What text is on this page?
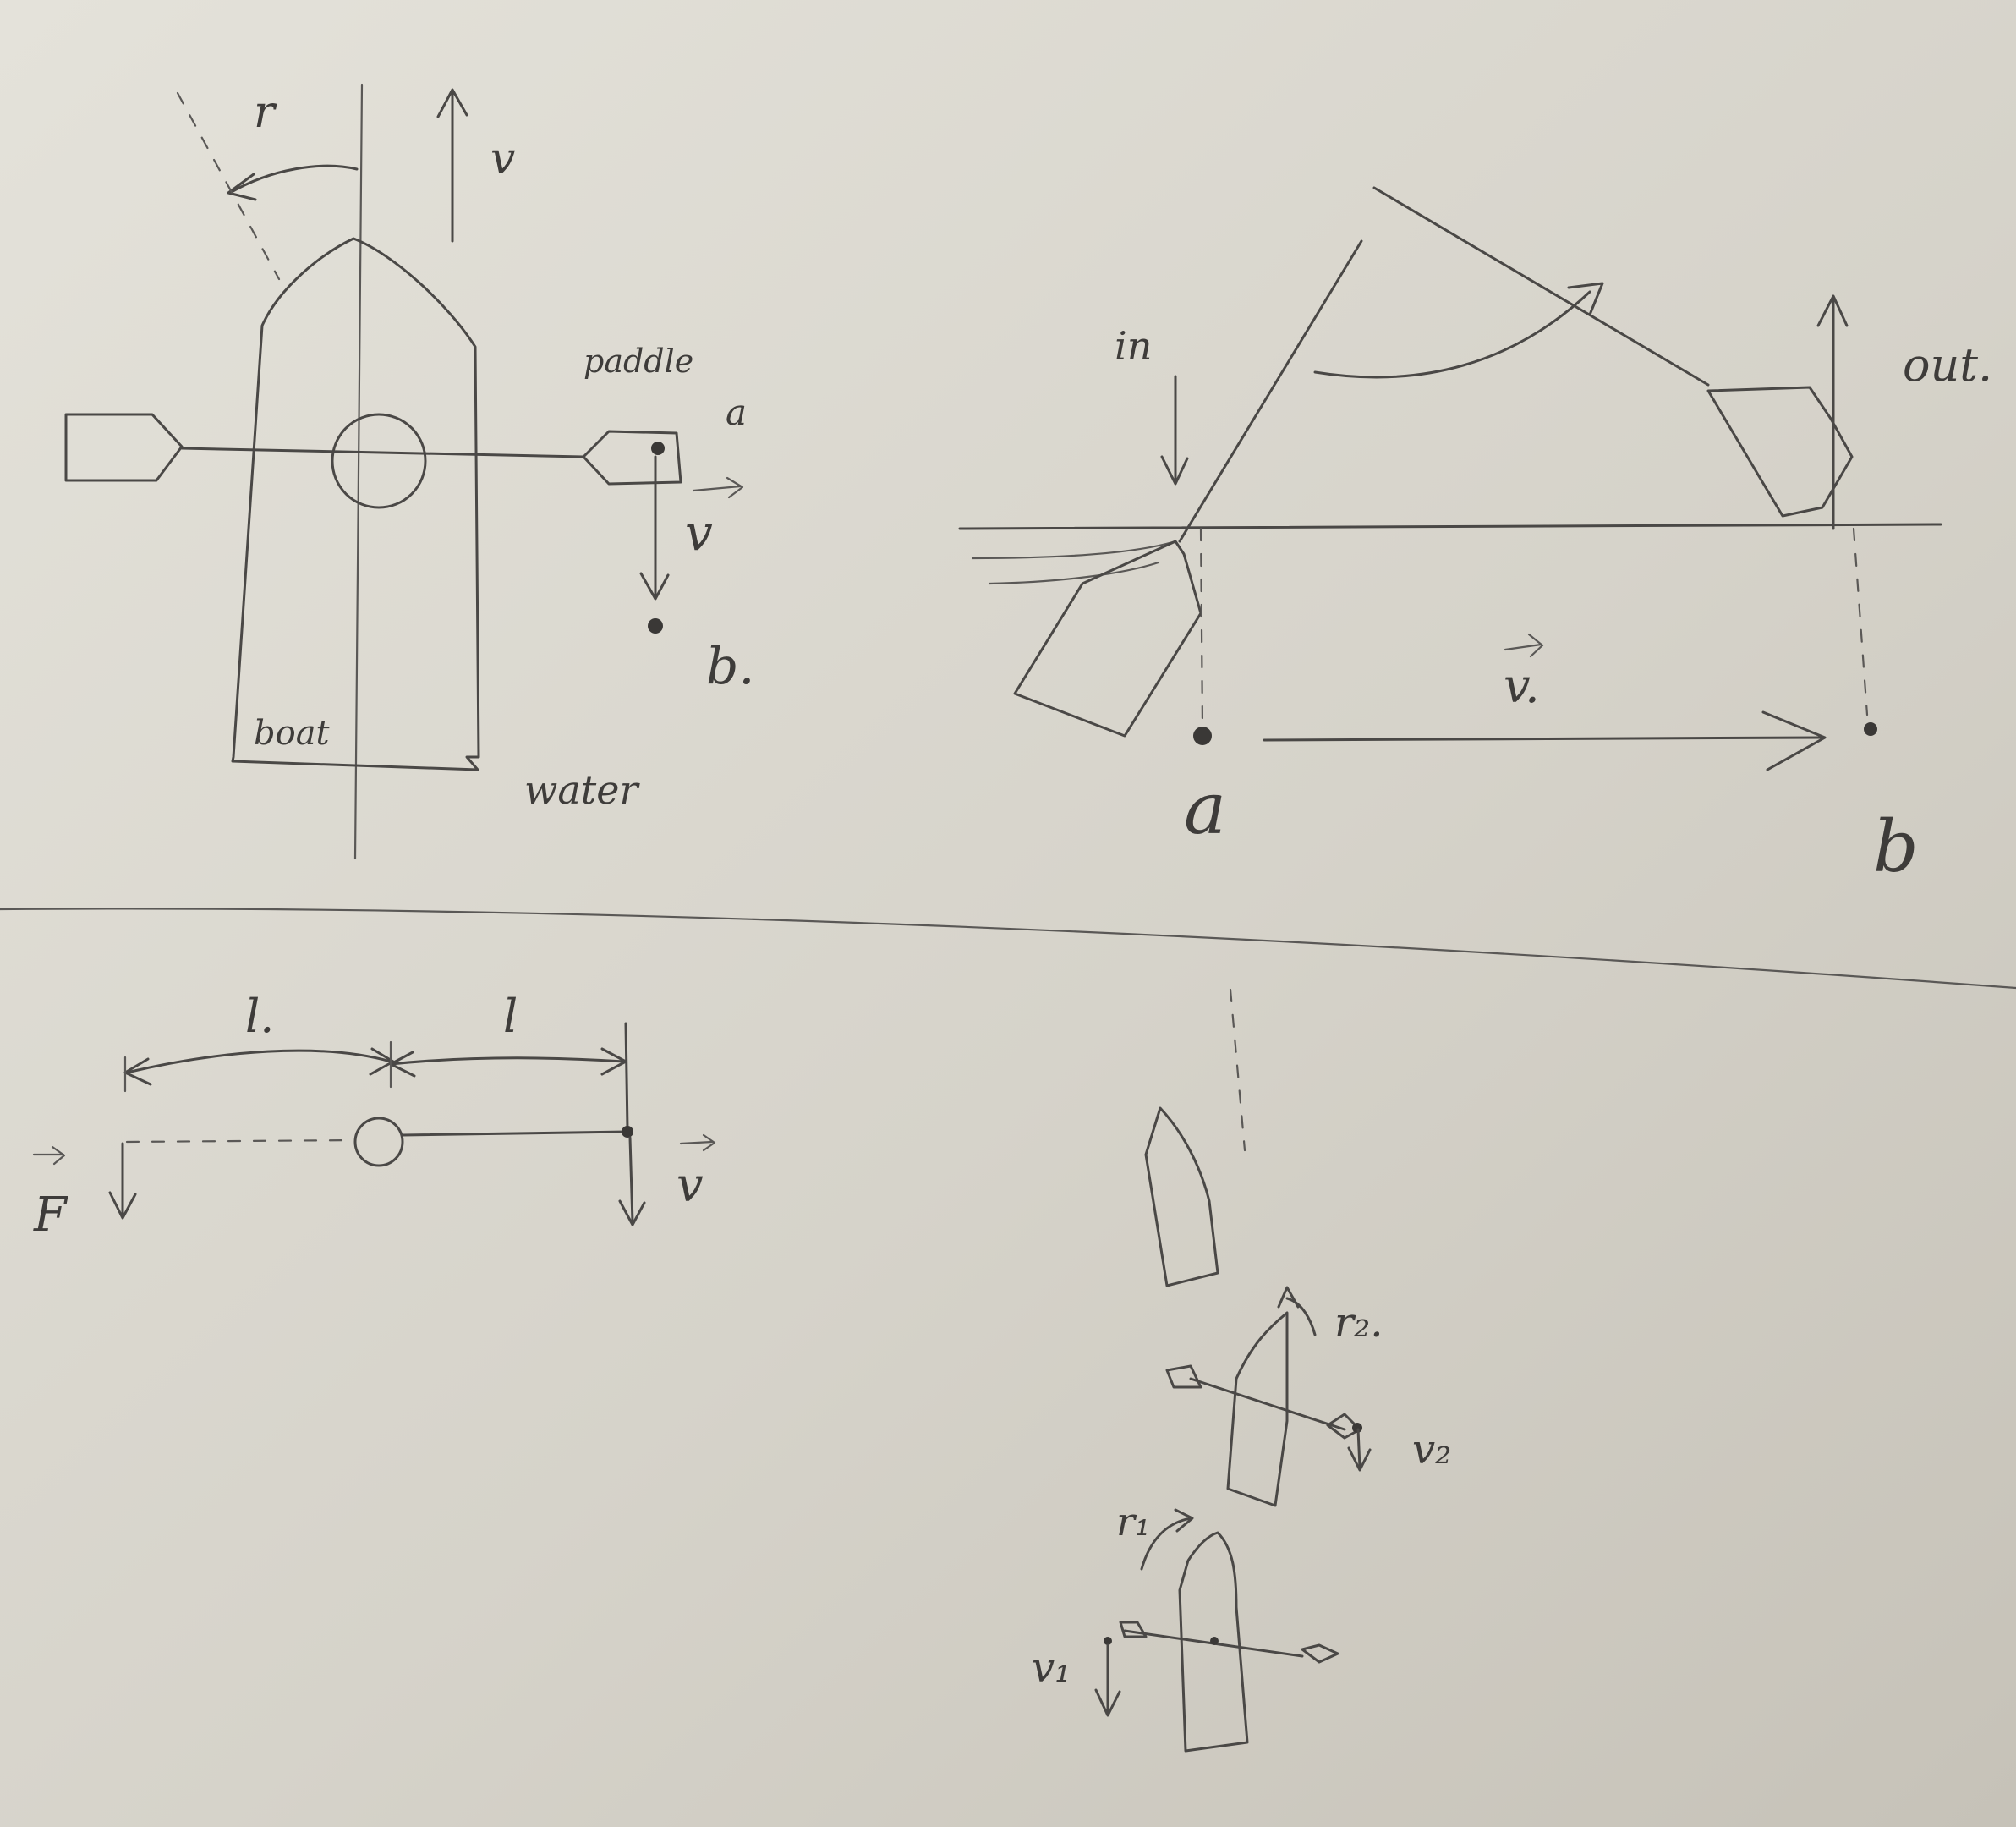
r
v
boat
paddle
a
v
b.
water
in	out.
v.
a	b
l.	l
F
v
r₂.
v₂
r₁
v₁
